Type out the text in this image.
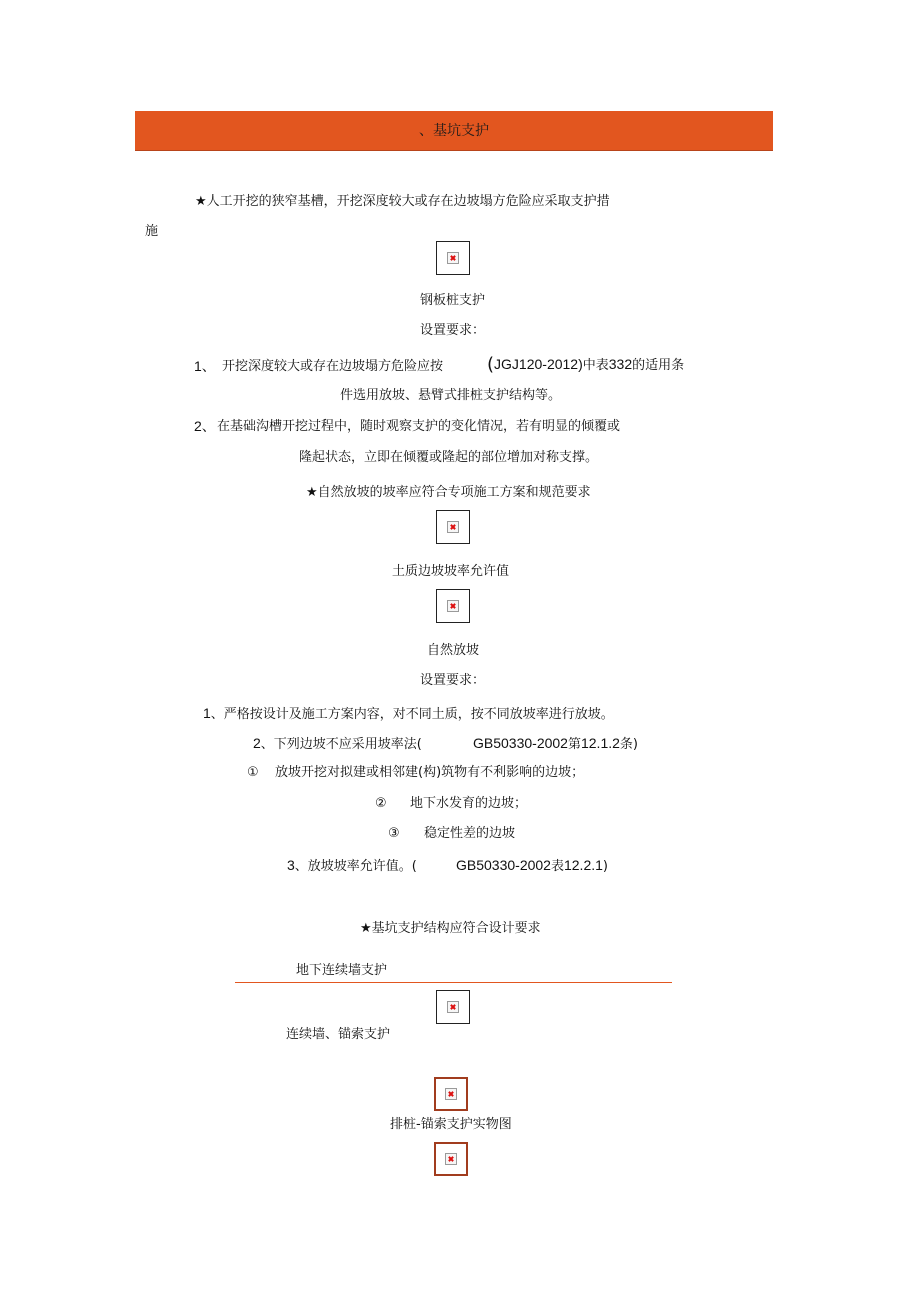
、基坑支护
★人工开挖的狭窄基槽，开挖深度较大或存在边坡塌方危险应采取支护措
施
钢板桩支护
设置要求：
1、 开挖深度较大或存在边坡塌方危险应按 (JGJ120-2012)中表332的适用条
件选用放坡、悬臂式排桩支护结构等。
2、 在基础沟槽开挖过程中，随时观察支护的变化情况，若有明显的倾覆或
隆起状态，立即在倾覆或隆起的部位增加对称支撑。
★自然放坡的坡率应符合专项施工方案和规范要求
土质边坡坡率允许值
自然放坡
设置要求：
1、严格按设计及施工方案内容，对不同土质，按不同放坡率进行放坡。
2、下列边坡不应采用坡率法(	GB50330-2002第12.1.2条)
① 放坡开挖对拟建或相邻建(构)筑物有不利影响的边坡；
② 地下水发育的边坡；
③ 稳定性差的边坡
3、放坡坡率允许值。(	GB50330-2002表12.2.1)
★基坑支护结构应符合设计要求
地下连续墙支护
连续墙、锚索支护
排桩-锚索支护实物图
